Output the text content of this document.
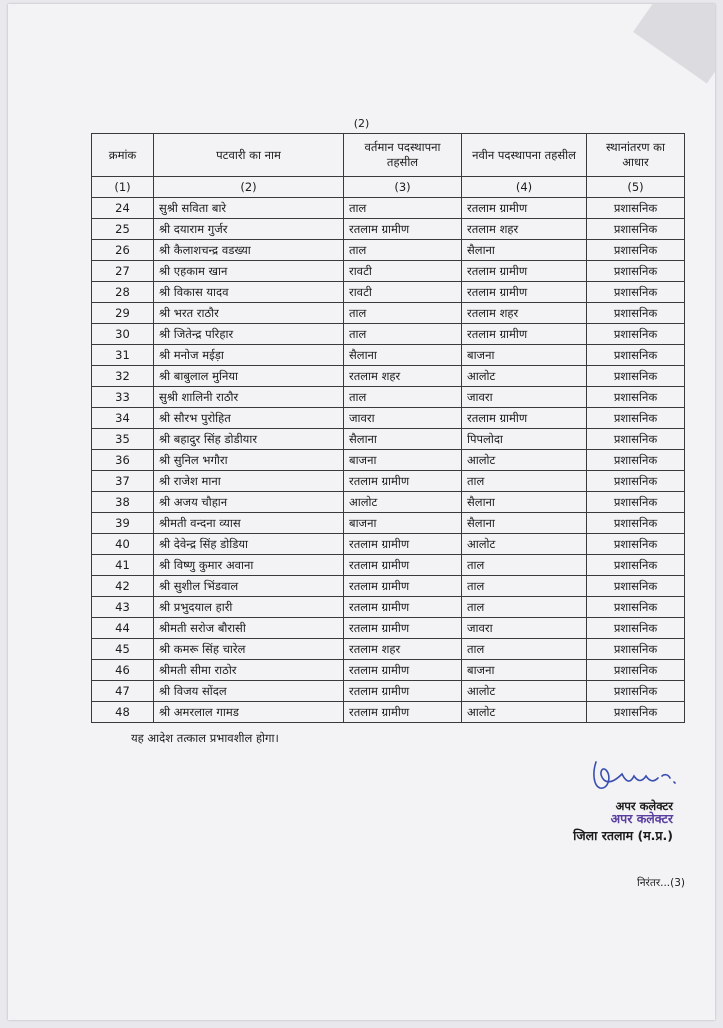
(2)
क्रमांक	पटवारी का नाम	वर्तमान पदस्थापना तहसील	नवीन पदस्थापना तहसील	स्थानांतरण का आधार
(1)	(2)	(3)	(4)	(5)
24	सुश्री सविता बारे	ताल	रतलाम ग्रामीण	प्रशासनिक
25	श्री दयाराम गुर्जर	रतलाम ग्रामीण	रतलाम शहर	प्रशासनिक
26	श्री कैलाशचन्द्र वडख्या	ताल	सैलाना	प्रशासनिक
27	श्री एहकाम खान	रावटी	रतलाम ग्रामीण	प्रशासनिक
28	श्री विकास यादव	रावटी	रतलाम ग्रामीण	प्रशासनिक
29	श्री भरत राठौर	ताल	रतलाम शहर	प्रशासनिक
30	श्री जितेन्द्र परिहार	ताल	रतलाम ग्रामीण	प्रशासनिक
31	श्री मनोज मईड़ा	सैलाना	बाजना	प्रशासनिक
32	श्री बाबुलाल मुनिया	रतलाम शहर	आलोट	प्रशासनिक
33	सुश्री शालिनी राठौर	ताल	जावरा	प्रशासनिक
34	श्री सौरभ पुरोहित	जावरा	रतलाम ग्रामीण	प्रशासनिक
35	श्री बहादुर सिंह डोडीयार	सैलाना	पिपलोदा	प्रशासनिक
36	श्री सुनिल भगौरा	बाजना	आलोट	प्रशासनिक
37	श्री राजेश माना	रतलाम ग्रामीण	ताल	प्रशासनिक
38	श्री अजय चौहान	आलोट	सैलाना	प्रशासनिक
39	श्रीमती वन्दना व्यास	बाजना	सैलाना	प्रशासनिक
40	श्री देवेन्द्र सिंह डोडिया	रतलाम ग्रामीण	आलोट	प्रशासनिक
41	श्री विष्णु कुमार अवाना	रतलाम ग्रामीण	ताल	प्रशासनिक
42	श्री सुशील भिंडवाल	रतलाम ग्रामीण	ताल	प्रशासनिक
43	श्री प्रभुदयाल हारी	रतलाम ग्रामीण	ताल	प्रशासनिक
44	श्रीमती सरोज बौरासी	रतलाम ग्रामीण	जावरा	प्रशासनिक
45	श्री कमरू सिंह चारेल	रतलाम शहर	ताल	प्रशासनिक
46	श्रीमती सीमा राठोर	रतलाम ग्रामीण	बाजना	प्रशासनिक
47	श्री विजय सोंदल	रतलाम ग्रामीण	आलोट	प्रशासनिक
48	श्री अमरलाल गामड	रतलाम ग्रामीण	आलोट	प्रशासनिक
यह आदेश तत्काल प्रभावशील होगा।
अपर कलेक्टर
अपर कलेक्टर
जिला रतलाम (म.प्र.)
निरंतर...(3)
